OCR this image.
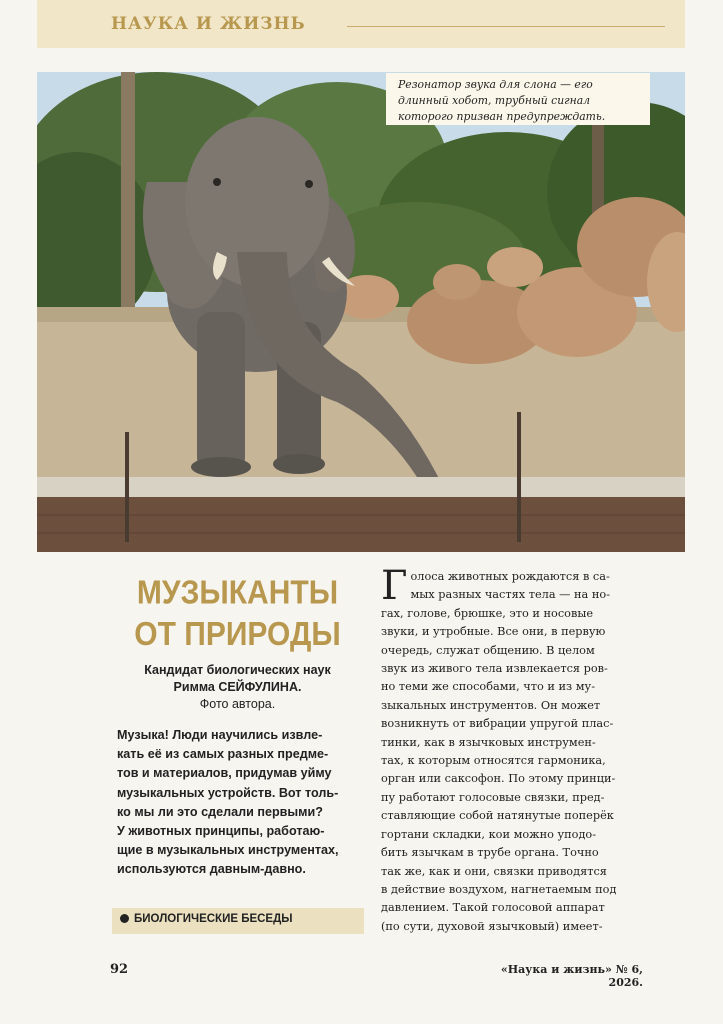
НАУКА И ЖИЗНЬ
Резонатор звука для слона — его длинный хобот, трубный сигнал которого призван предупреждать.
МУЗЫКАНТЫ
ОТ ПРИРОДЫ
Кандидат биологических наук
Римма СЕЙФУЛИНА.
Фото автора.
Музыка! Люди научились извле-
кать её из самых разных предме-
тов и материалов, придумав уйму
музыкальных устройств. Вот толь-
ко мы ли это сделали первыми?
У животных принципы, работаю-
щие в музыкальных инструментах,
используются давным-давно.
БИОЛОГИЧЕСКИЕ БЕСЕДЫ
Голоса животных рождаются в са-
мых разных частях тела — на но-
гах, голове, брюшке, это и носовые
звуки, и утробные. Все они, в первую
очередь, служат общению. В целом
звук из живого тела извлекается ров-
но теми же способами, что и из му-
зыкальных инструментов. Он может
возникнуть от вибрации упругой плас-
тинки, как в язычковых инструмен-
тах, к которым относятся гармоника,
орган или саксофон. По этому принци-
пу работают голосовые связки, пред-
ставляющие собой натянутые поперёк
гортани складки, кои можно уподо-
бить язычкам в трубе органа. Точно
так же, как и они, связки приводятся
в действие воздухом, нагнетаемым под
давлением. Такой голосовой аппарат
(по сути, духовой язычковый) имеет-
92	«Наука и жизнь» № 6, 2026.
